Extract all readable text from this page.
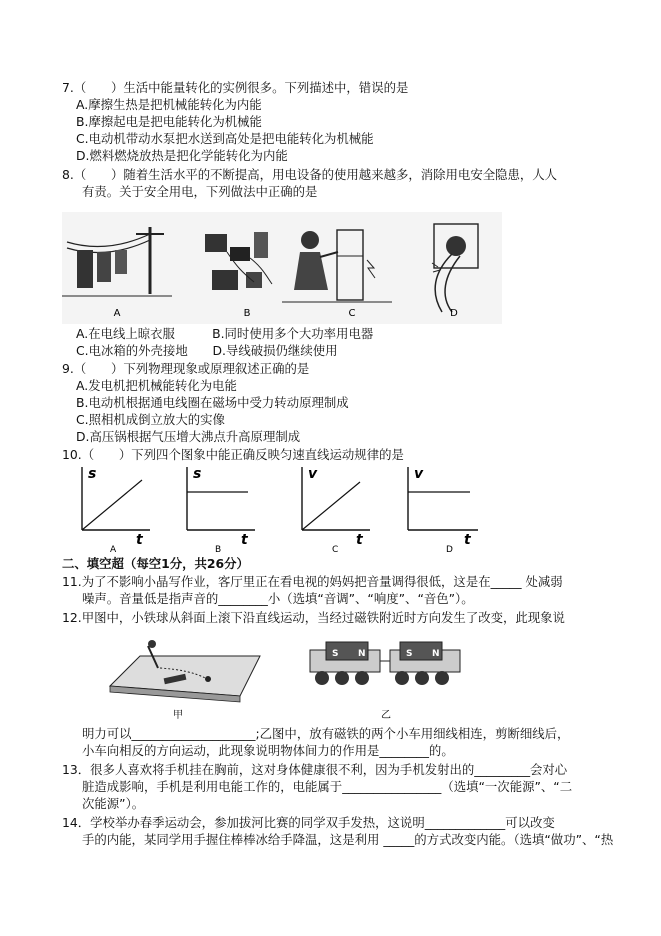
7.（　　）生活中能量转化的实例很多。下列描述中，错误的是
A.摩擦生热是把机械能转化为内能
B.摩擦起电是把电能转化为机械能
C.电动机带动水泵把水送到高处是把电能转化为机械能
D.燃料燃烧放热是把化学能转化为内能
8.（　　）随着生活水平的不断提高，用电设备的使用越来越多，消除用电安全隐患，人人
有责。关于安全用电，下列做法中正确的是
A	B	C	D
A.在电线上晾衣服　　　B.同时使用多个大功率用电器
C.电冰箱的外壳接地　　D.导线破损仍继续使用
9.（　　）下列物理现象或原理叙述正确的是
A.发电机把机械能转化为电能
B.电动机根据通电线圈在磁场中受力转动原理制成
C.照相机成倒立放大的实像
D.高压锅根据气压增大沸点升高原理制成
10.（　　）下列四个图象中能正确反映匀速直线运动规律的是
s
t
A
s
t
B
v
t
C
v
t
D
二、填空超（每空1分，共26分）
11.为了不影响小晶写作业，客厅里正在看电视的妈妈把音量调得很低，这是在_____ 处减弱
噪声。音量低是指声音的________小（选填“音调”、“响度”、“音色”）。
12.甲图中，小铁球从斜面上滚下沿直线运动，当经过磁铁附近时方向发生了改变，此现象说
甲
S N	S N
乙
明力可以____________________;乙图中，放有磁铁的两个小车用细线相连，剪断细线后，
小车向相反的方向运动，此现象说明物体间力的作用是________的。
13．很多人喜欢将手机挂在胸前，这对身体健康很不利，因为手机发射出的_________会对心
脏造成影响，手机是利用电能工作的，电能属于________________（选填“一次能源”、“二
次能源”）。
14．学校举办春季运动会，参加拔河比赛的同学双手发热，这说明_____________可以改变
手的内能，某同学用手握住棒棒冰给手降温，这是利用 _____的方式改变内能。（选填“做功”、“热
